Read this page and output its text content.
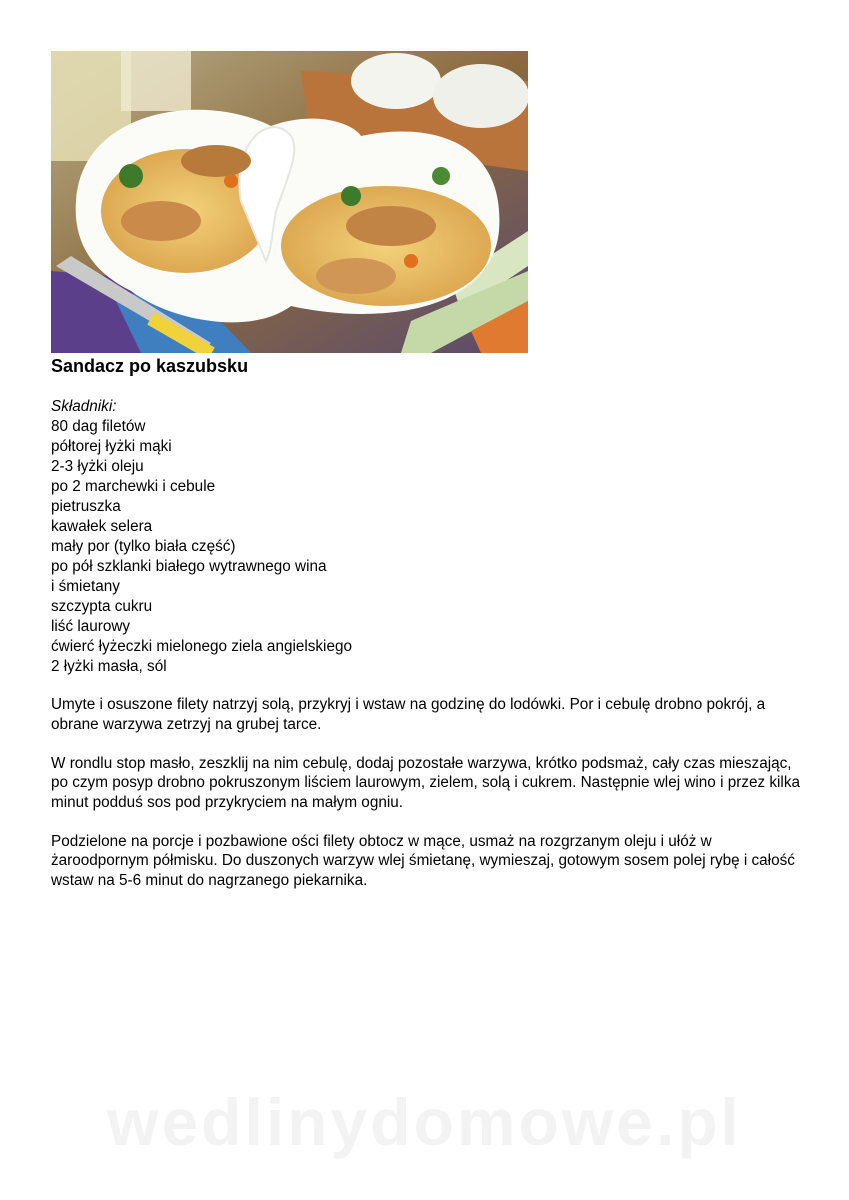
Sandacz po kaszubsku
Składniki:
80 dag filetów
półtorej łyżki mąki
2-3 łyżki oleju
po 2 marchewki i cebule
pietruszka
kawałek selera
mały por (tylko biała część)
po pół szklanki białego wytrawnego wina
i śmietany
szczypta cukru
liść laurowy
ćwierć łyżeczki mielonego ziela angielskiego
2 łyżki masła, sól

Umyte i osuszone filety natrzyj solą, przykryj i wstaw na godzinę do lodówki. Por i cebulę drobno pokrój, a obrane warzywa zetrzyj na grubej tarce.

W rondlu stop masło, zeszklij na nim cebulę, dodaj pozostałe warzywa, krótko podsmaż, cały czas mieszając, po czym posyp drobno pokruszonym liściem laurowym, zielem, solą i cukrem. Następnie wlej wino i przez kilka minut podduś sos pod przykryciem na małym ogniu.

Podzielone na porcje i pozbawione ości filety obtocz w mące, usmaż na rozgrzanym oleju i ułóż w żaroodpornym półmisku. Do duszonych warzyw wlej śmietanę, wymieszaj, gotowym sosem polej rybę i całość wstaw na 5-6 minut do nagrzanego piekarnika.

wedlinydomowe.pl
